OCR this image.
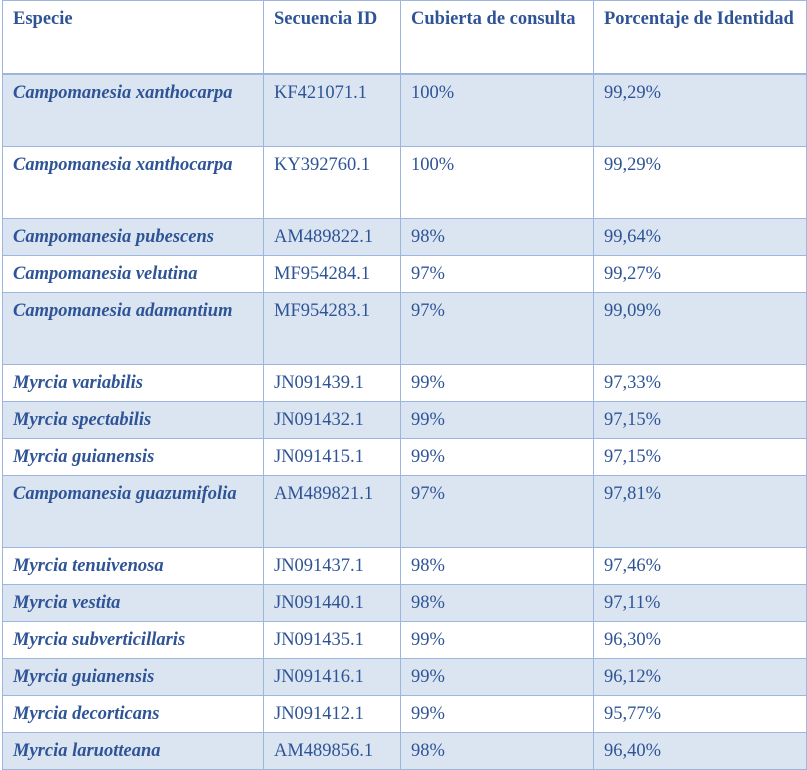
Especie	Secuencia ID	Cubierta de consulta	Porcentaje de Identidad
Campomanesia xanthocarpa	KF421071.1	100%	99,29%
Campomanesia xanthocarpa	KY392760.1	100%	99,29%
Campomanesia pubescens	AM489822.1	98%	99,64%
Campomanesia velutina	MF954284.1	97%	99,27%
Campomanesia adamantium	MF954283.1	97%	99,09%
Myrcia variabilis	JN091439.1	99%	97,33%
Myrcia spectabilis	JN091432.1	99%	97,15%
Myrcia guianensis	JN091415.1	99%	97,15%
Campomanesia guazumifolia	AM489821.1	97%	97,81%
Myrcia tenuivenosa	JN091437.1	98%	97,46%
Myrcia vestita	JN091440.1	98%	97,11%
Myrcia subverticillaris	JN091435.1	99%	96,30%
Myrcia guianensis	JN091416.1	99%	96,12%
Myrcia decorticans	JN091412.1	99%	95,77%
Myrcia laruotteana	AM489856.1	98%	96,40%
